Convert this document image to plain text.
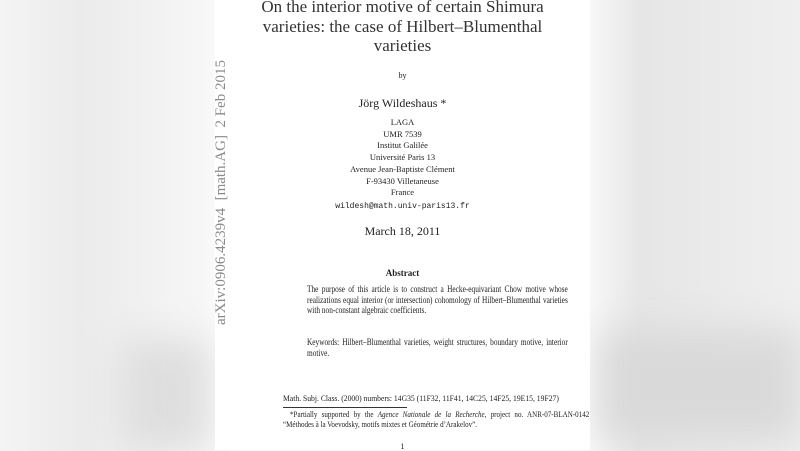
On the interior motive of certain Shimura
varieties: the case of Hilbert–Blumenthal
varieties
by
Jörg Wildeshaus *
LAGA
UMR 7539
Institut Galilée
Université Paris 13
Avenue Jean-Baptiste Clément
F-93430 Villetaneuse
France
wildesh@math.univ-paris13.fr
March 18, 2011
Abstract
The purpose of this article is to construct a Hecke-equivariant Chow motive whose realizations equal interior (or intersection) cohomology of Hilbert–Blumenthal varieties with non-constant algebraic coefficients.
Keywords: Hilbert–Blumenthal varieties, weight structures, boundary motive, interior motive.
Math. Subj. Class. (2000) numbers: 14G35 (11F32, 11F41, 14C25, 14F25, 19E15, 19F27)
*Partially supported by the Agence Nationale de la Recherche, project no. ANR-07-BLAN-0142 “Méthodes à la Voevodsky, motifs mixtes et Géométrie d’Arakelov”.
1
arXiv:0906.4239v4  [math.AG]  2 Feb 2015
